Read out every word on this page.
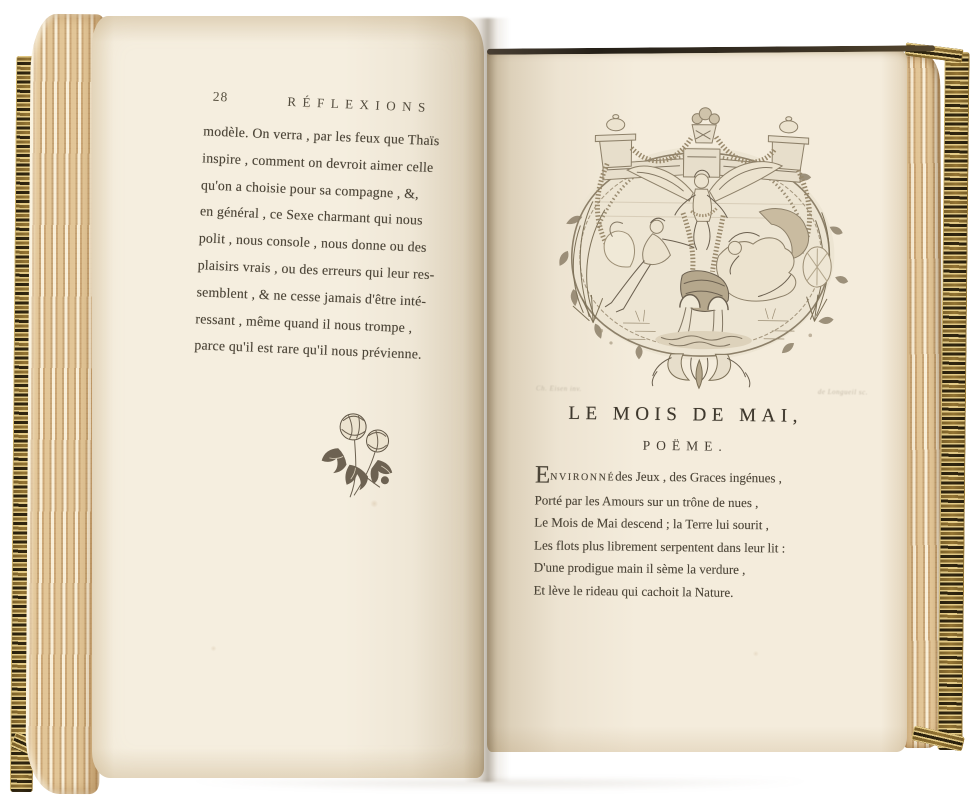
28	RÉFLEXIONS
modèle. On verra , par les feux que Thaïs
inspire , comment on devroit aimer celle
qu'on a choisie pour sa compagne , &,
en général , ce Sexe charmant qui nous
polit , nous console , nous donne ou des
plaisirs vrais , ou des erreurs qui leur res-
semblent , & ne cesse jamais d'être inté-
ressant , même quand il nous trompe ,
parce qu'il est rare qu'il nous prévienne.
Ch. Eisen inv.	de Longueil sc.
LE MOIS DE MAI,
POËME.
ENVIRONNÉ des Jeux , des Graces ingénues ,
Porté par les Amours sur un trône de nues ,
Le Mois de Mai descend ; la Terre lui sourit ,
Les flots plus librement serpentent dans leur lit :
D'une prodigue main il sème la verdure ,
Et lève le rideau qui cachoit la Nature.
